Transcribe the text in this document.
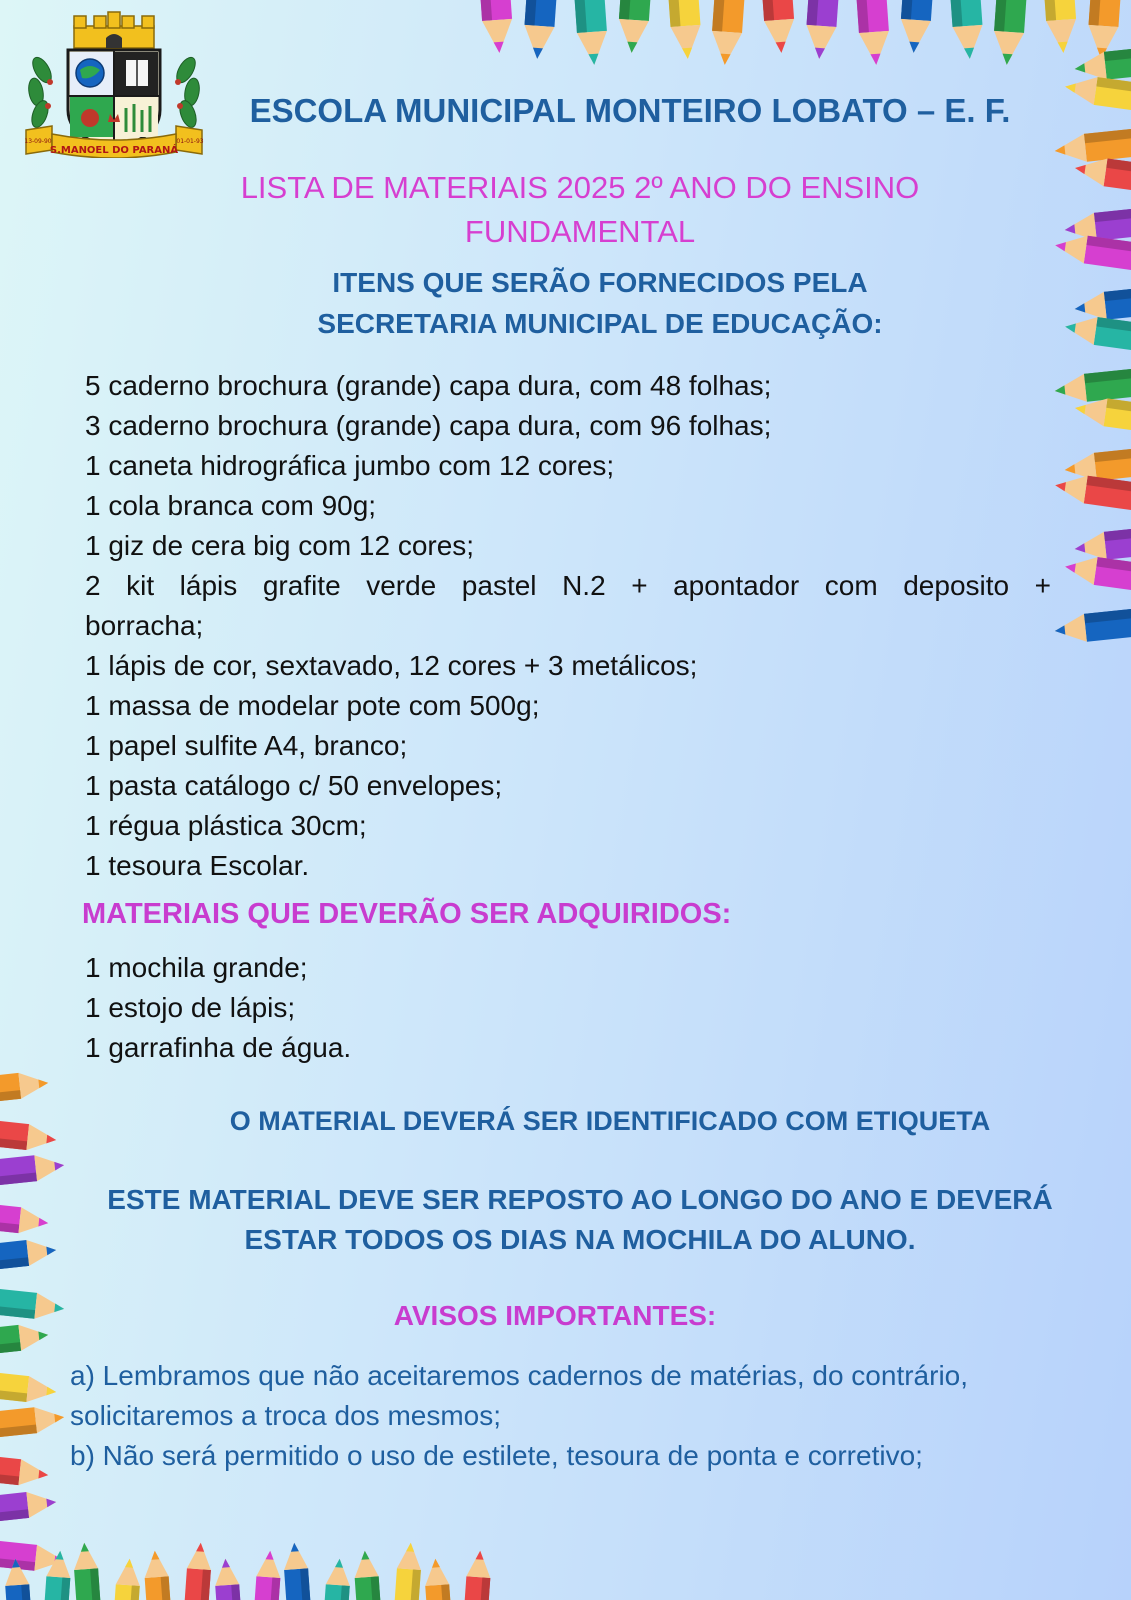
13-09-90	01-01-93
S.MANOEL DO PARANÁ
ESCOLA MUNICIPAL MONTEIRO LOBATO – E. F.
LISTA DE MATERIAIS 2025 2º ANO DO ENSINO
FUNDAMENTAL
ITENS QUE SERÃO FORNECIDOS PELA
SECRETARIA MUNICIPAL DE EDUCAÇÃO:
5 caderno brochura (grande) capa dura, com 48 folhas;
3 caderno brochura (grande) capa dura, com 96 folhas;
1 caneta hidrográfica jumbo com 12 cores;
1 cola branca com 90g;
1 giz de cera big com 12 cores;
2 kit lápis grafite verde pastel N.2 + apontador com deposito +
borracha;
1 lápis de cor, sextavado, 12 cores + 3 metálicos;
1 massa de modelar pote com 500g;
1 papel sulfite A4, branco;
1 pasta catálogo c/ 50 envelopes;
1 régua plástica 30cm;
1 tesoura Escolar.
MATERIAIS QUE DEVERÃO SER ADQUIRIDOS:
1 mochila grande;
1 estojo de lápis;
1 garrafinha de água.
O MATERIAL DEVERÁ SER IDENTIFICADO COM ETIQUETA
ESTE MATERIAL DEVE SER REPOSTO AO LONGO DO ANO E DEVERÁ
ESTAR TODOS OS DIAS NA MOCHILA DO ALUNO.
AVISOS IMPORTANTES:
a) Lembramos que não aceitaremos cadernos de matérias, do contrário,
solicitaremos a troca dos mesmos;
b) Não será permitido o uso de estilete, tesoura de ponta e corretivo;
